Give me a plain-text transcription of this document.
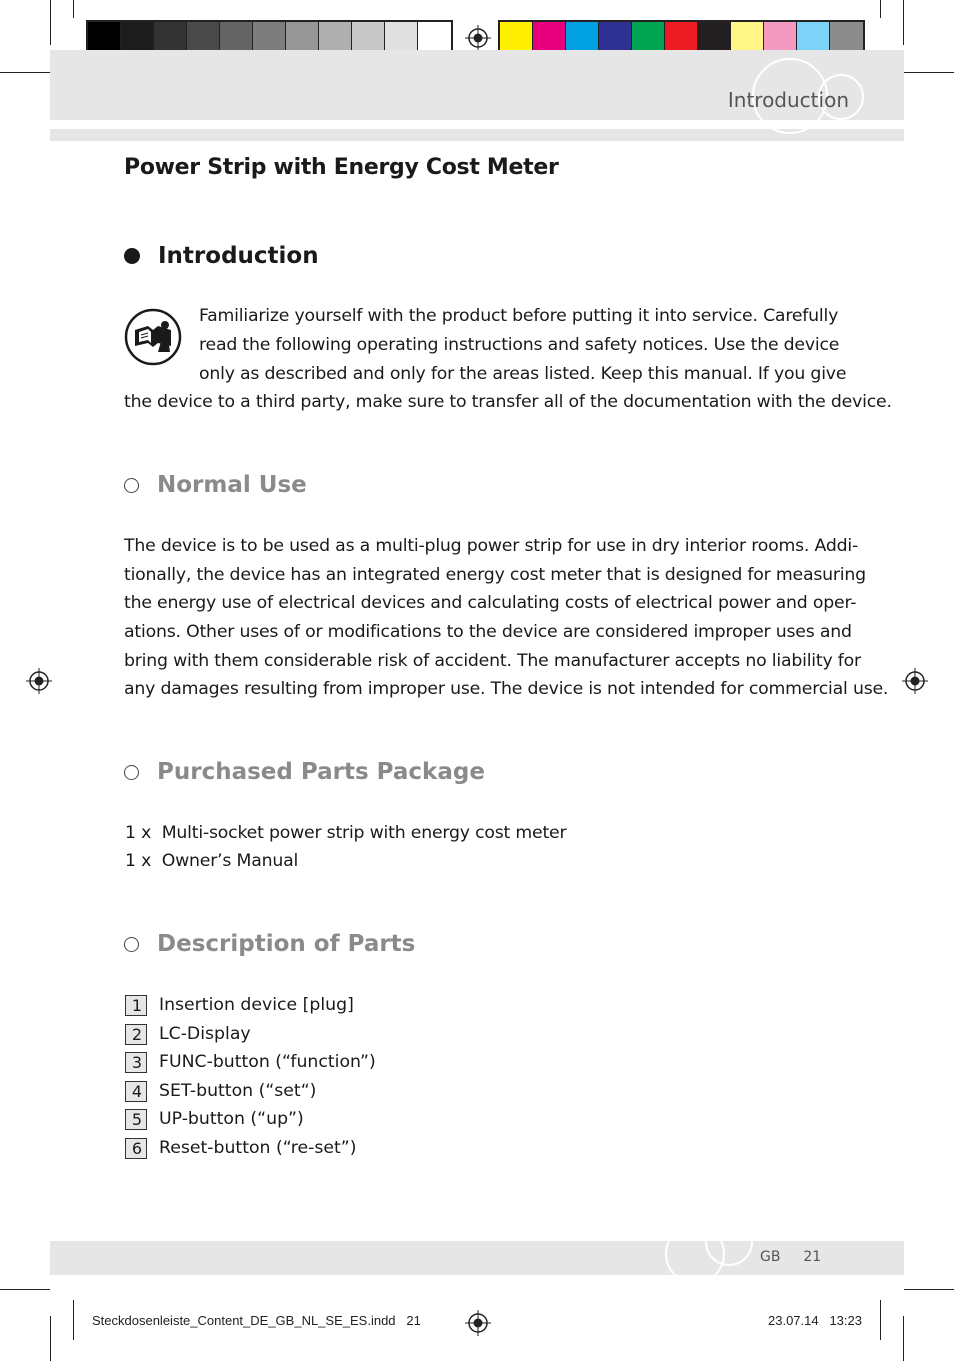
Introduction
Power Strip with Energy Cost Meter
Introduction

Familiarize yourself with the product before putting it into service. Carefully

read the following operating instructions and safety notices. Use the device

only as described and only for the areas listed. Keep this manual. If you give

the device to a third party, make sure to transfer all of the documentation with the device.

Normal Use

The device is to be used as a multi-plug power strip for use in dry interior rooms. Addi-

tionally, the device has an integrated energy cost meter that is designed for measuring

the energy use of electrical devices and calculating costs of electrical power and oper-

ations. Other uses of or modifications to the device are considered improper uses and

bring with them considerable risk of accident. The manufacturer accepts no liability for

any damages resulting from improper use. The device is not intended for commercial use.

Purchased Parts Package

1 x  Multi-socket power strip with energy cost meter

1 x  Owner’s Manual

Description of Parts
1 Insertion device [plug]
2 LC-Display
3 FUNC-button (“function”)
4 SET-button (“set“)
5 UP-button (“up”)
6 Reset-button (“re-set”)
GB 21
Steckdosenleiste_Content_DE_GB_NL_SE_ES.indd   21	23.07.14   13:23
